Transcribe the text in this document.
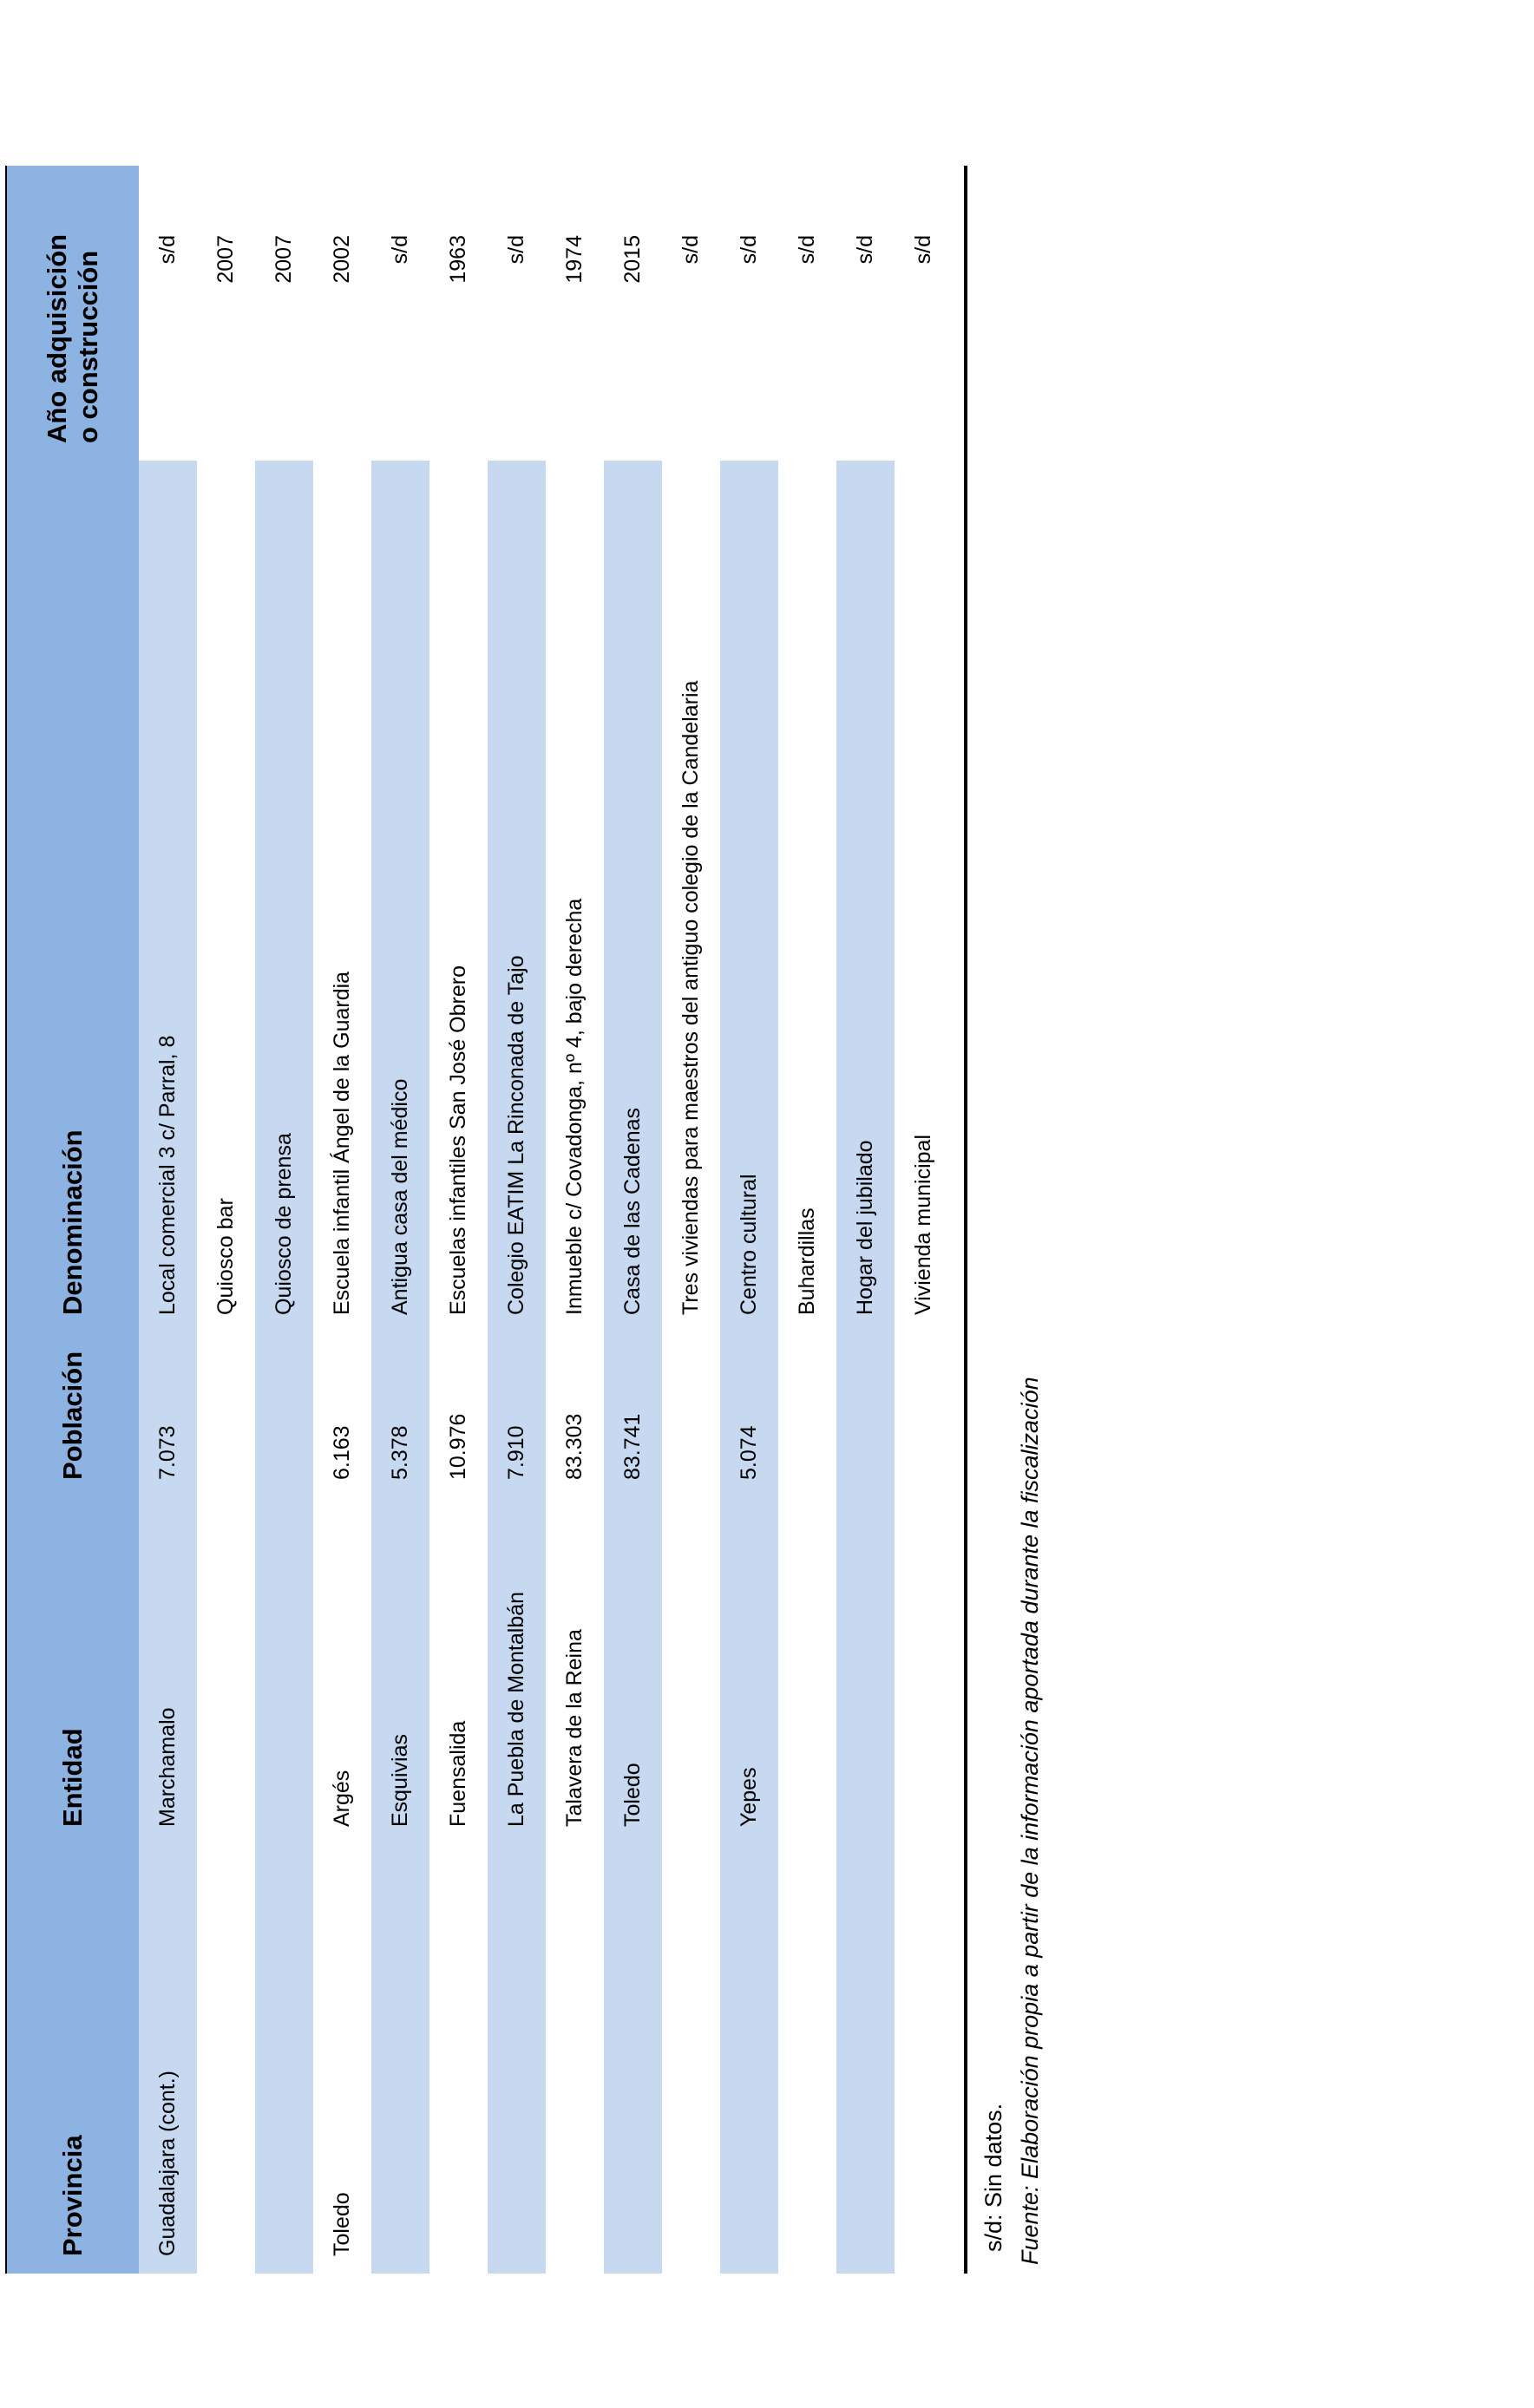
Provincia	Entidad	Población	Denominación	Año adquisición o construcción

Guadalajara (cont.)	Marchamalo	7.073	Local comercial 3 c/ Parral, 8	s/d
			Quiosco bar	2007
			Quiosco de prensa	2007
Toledo	Argés	6.163	Escuela infantil Ángel de la Guardia	2002
	Esquivias	5.378	Antigua casa del médico	s/d
	Fuensalida	10.976	Escuelas infantiles San José Obrero	1963
	La Puebla de Montalbán	7.910	Colegio EATIM La Rinconada de Tajo	s/d
	Talavera de la Reina	83.303	Inmueble c/ Covadonga, nº 4, bajo derecha	1974
	Toledo	83.741	Casa de las Cadenas	2015
			Tres viviendas para maestros del antiguo colegio de la Candelaria	s/d
	Yepes	5.074	Centro cultural	s/d
			Buhardillas	s/d
			Hogar del jubilado	s/d
			Vivienda municipal	s/d
s/d: Sin datos. Fuente: Elaboración propia a partir de la información aportada durante la fiscalización
